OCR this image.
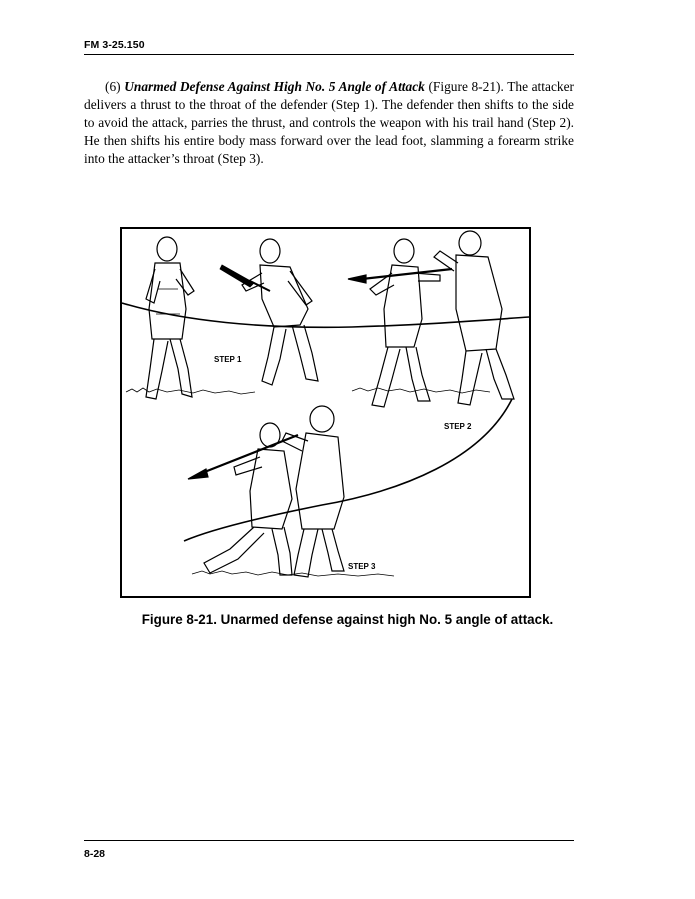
FM 3-25.150

(6) Unarmed Defense Against High No. 5 Angle of Attack (Figure 8-21). The attacker delivers a thrust to the throat of the defender (Step 1). The defender then shifts to the side to avoid the attack, parries the thrust, and controls the weapon with his trail hand (Step 2). He then shifts his entire body mass forward over the lead foot, slamming a forearm strike into the attacker’s throat (Step 3).

STEP 1
STEP 2
STEP 3
Figure 8-21. Unarmed defense against high No. 5 angle of attack.
8-28
